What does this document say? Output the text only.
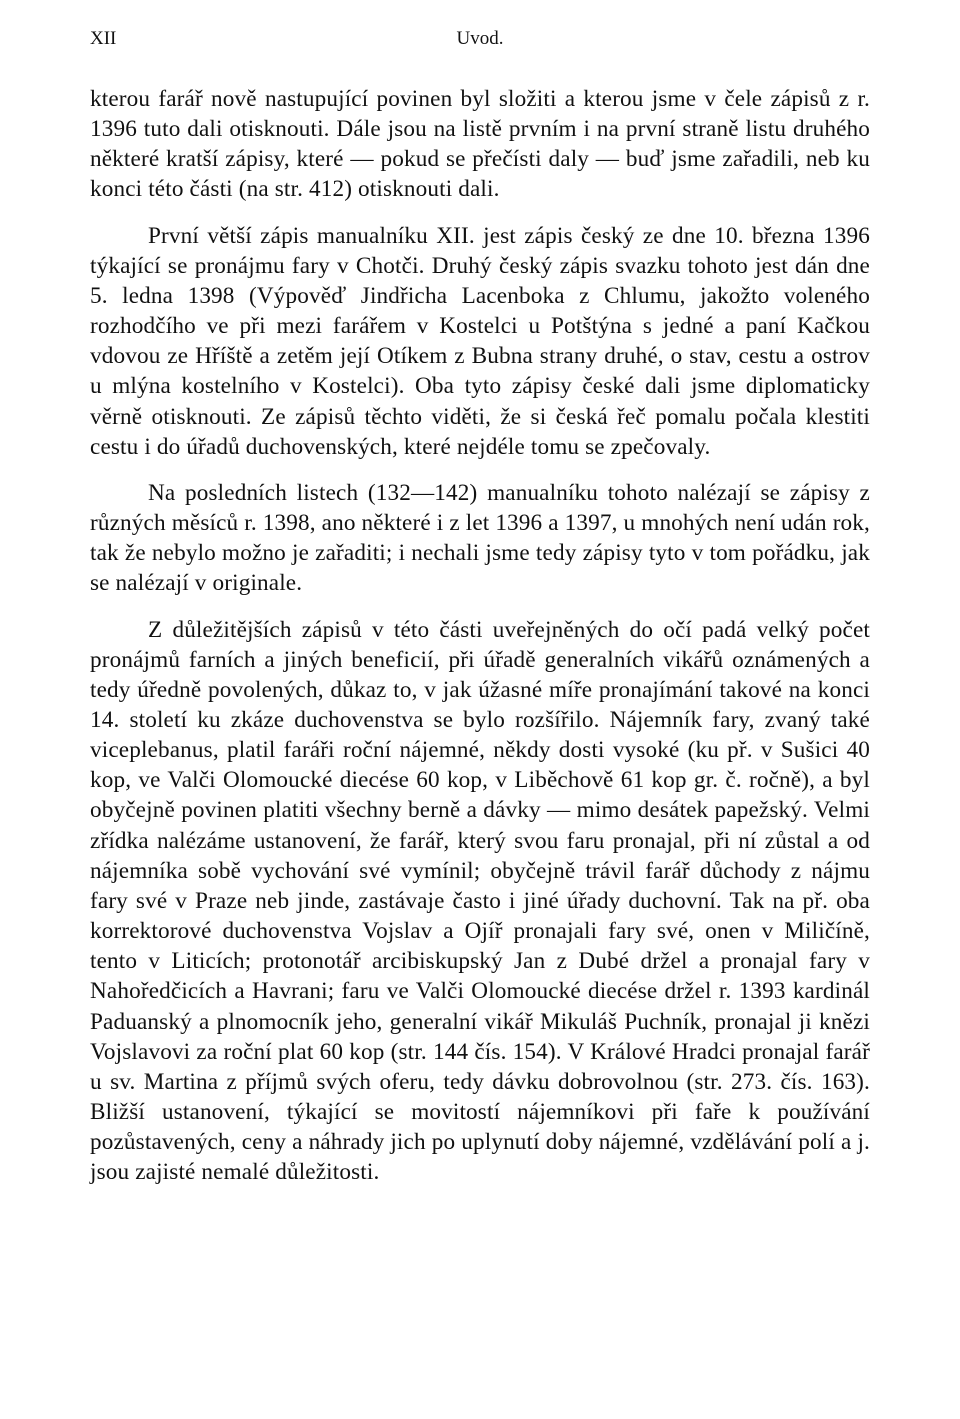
XII	Uvod.

kterou farář nově nastupující povinen byl složiti a kterou jsme v čele zápisů z r. 1396 tuto dali otisknouti. Dále jsou na listě prvním i na první straně listu druhého některé kratší zápisy, které — pokud se přečísti daly — buď jsme zařadili, neb ku konci této části (na str. 412) otisknouti dali.

První větší zápis manualníku XII. jest zápis český ze dne 10. března 1396 týkající se pronájmu fary v Chotči. Druhý český zápis svazku tohoto jest dán dne 5. ledna 1398 (Výpověď Jindřicha Lacenboka z Chlumu, jakožto voleného rozhodčího ve při mezi farářem v Kostelci u Potštýna s jedné a paní Kačkou vdovou ze Hříště a zetěm její Otíkem z Bubna strany druhé, o stav, cestu a ostrov u mlýna kostelního v Kostelci). Oba tyto zápisy české dali jsme diplomaticky věrně otisknouti. Ze zápisů těchto viděti, že si česká řeč pomalu počala klestiti cestu i do úřadů duchovenských, které nejdéle tomu se zpečovaly.

Na posledních listech (132—142) manualníku tohoto nalézají se zápisy z různých měsíců r. 1398, ano některé i z let 1396 a 1397, u mnohých není udán rok, tak že nebylo možno je zařaditi; i nechali jsme tedy zápisy tyto v tom pořádku, jak se nalézají v originale.

Z důležitějších zápisů v této části uveřejněných do očí padá velký počet pronájmů farních a jiných beneficií, při úřadě generalních vikářů oznámených a tedy úředně povolených, důkaz to, v jak úžasné míře pronajímání takové na konci 14. století ku zkáze duchovenstva se bylo rozšířilo. Nájemník fary, zvaný také viceplebanus, platil faráři roční nájemné, někdy dosti vysoké (ku př. v Sušici 40 kop, ve Valči Olomoucké diecése 60 kop, v Liběchově 61 kop gr. č. ročně), a byl obyčejně povinen platiti všechny berně a dávky — mimo desátek papežský. Velmi zřídka nalézáme ustanovení, že farář, který svou faru pronajal, při ní zůstal a od nájemníka sobě vychování své vymínil; obyčejně trávil farář důchody z nájmu fary své v Praze neb jinde, zastávaje často i jiné úřady duchovní. Tak na př. oba korrektorové duchovenstva Vojslav a Ojíř pronajali fary své, onen v Miličíně, tento v Liticích; protonotář arcibiskupský Jan z Dubé držel a pronajal fary v Nahoředčicích a Havrani; faru ve Valči Olomoucké diecése držel r. 1393 kardinál Paduanský a plnomocník jeho, generalní vikář Mikuláš Puchník, pronajal ji knězi Vojslavovi za roční plat 60 kop (str. 144 čís. 154). V Králové Hradci pronajal farář u sv. Martina z příjmů svých oferu, tedy dávku dobrovolnou (str. 273. čís. 163). Bližší ustanovení, týkající se movitostí nájemníkovi při faře k používání pozůstavených, ceny a náhrady jich po uplynutí doby nájemné, vzdělávání polí a j. jsou zajisté nemalé důležitosti.
